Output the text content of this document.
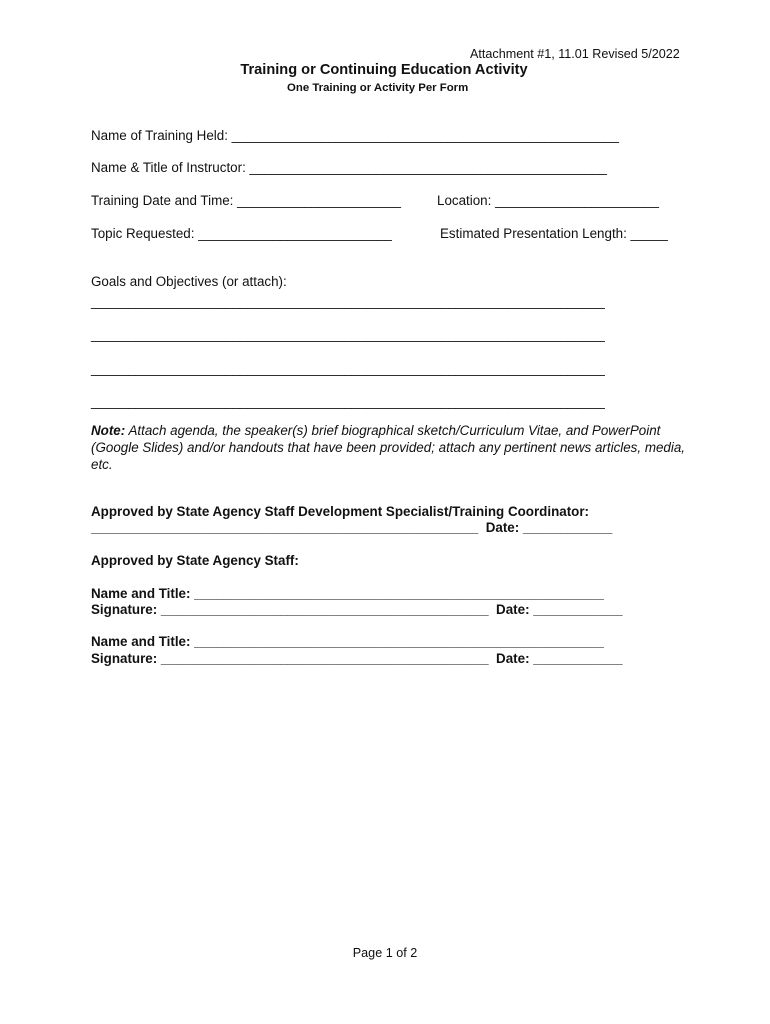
Attachment #1, 11.01 Revised 5/2022
Training or Continuing Education Activity
One Training or Activity Per Form
Name of Training Held: ____________________________________________________
Name & Title of Instructor: ________________________________________________
Training Date and Time: ______________________	Location: ______________________
Topic Requested: __________________________	Estimated Presentation Length: _____
Goals and Objectives (or attach):
_____________________________________________________________________
_____________________________________________________________________
_____________________________________________________________________
_____________________________________________________________________
Note: Attach agenda, the speaker(s) brief biographical sketch/Curriculum Vitae, and PowerPoint (Google Slides) and/or handouts that have been provided; attach any pertinent news articles, media, etc.
Approved by State Agency Staff Development Specialist/Training Coordinator:
____________________________________________________  Date: ____________
Approved by State Agency Staff:
Name and Title: _______________________________________________________
Signature: ____________________________________________  Date: ____________
Name and Title: _______________________________________________________
Signature: ____________________________________________  Date: ____________
Page 1 of 2
